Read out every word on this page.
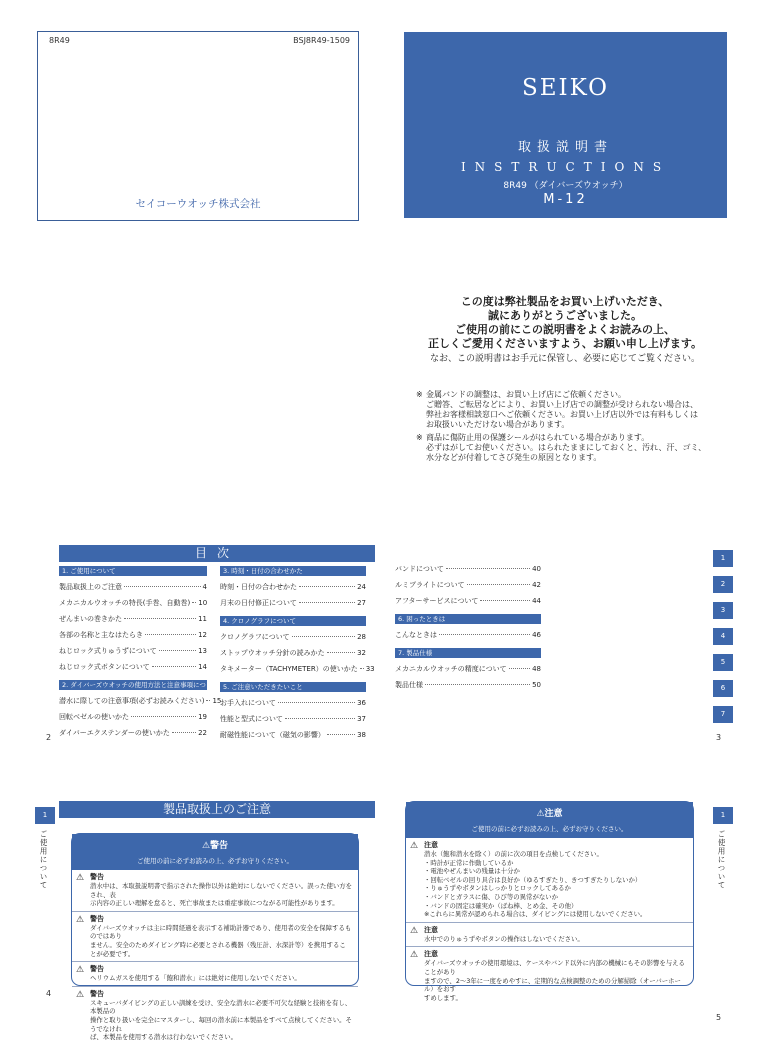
8R49	BSJ8R49-1509
セイコーウオッチ株式会社
SEIKO
取扱説明書
INSTRUCTIONS
8R49 （ダイバーズウオッチ）
M-12
この度は弊社製品をお買い上げいただき、
誠にありがとうございました。
ご使用の前にこの説明書をよくお読みの上、
正しくご愛用くださいますよう、お願い申し上げます。
なお、この説明書はお手元に保管し、必要に応じてご覧ください。
※ 金属バンドの調整は、お買い上げ店にご依頼ください。
ご贈答、ご転居などにより、お買い上げ店での調整が受けられない場合は、
弊社お客様相談窓口へご依頼ください。お買い上げ店以外では有料もしくは
お取扱いいただけない場合があります。
※ 商品に傷防止用の保護シールがはられている場合があります。
必ずはがしてお使いください。はられたままにしておくと、汚れ、汗、ゴミ、
水分などが付着してさび発生の原因となります。
目次
1. ご使用について
製品取扱上のご注意	4
メカニカルウオッチの特長(手巻、自動巻) 10
ぜんまいの巻きかた	11
各部の名称と主なはたらき	12
ねじロック式りゅうずについて	13
ねじロック式ボタンについて	14
2. ダイバーズウオッチの使用方法と注意事項について
潜水に際しての注意事項(必ずお読みください) 15
回転ベゼルの使いかた	19
ダイバーエクステンダーの使いかた	22
3. 時刻・日付の合わせかた
時刻・日付の合わせかた	24
月末の日付修正について	27
4. クロノグラフについて
クロノグラフについて	28
ストップウオッチ分針の読みかた	32
タキメーター（TACHYMETER）の使いかた 33
5. ご注意いただきたいこと
お手入れについて	36
性能と型式について	37
耐磁性能について（磁気の影響）	38
バンドについて	40
ルミブライトについて	42
アフターサービスについて	44
6. 困ったときは
こんなときは	46
7. 製品仕様
メカニカルウオッチの精度について	48
製品仕様	50
1
2
3
4
5
6
7
2	3
1
ご使用について
製品取扱上のご注意
⚠警告
ご使用の前に必ずお読みの上、必ずお守りください。
⚠ 警告
潜水中は、本取扱説明書で指示された操作以外は絶対にしないでください。誤った使い方をされ、表
示内容の正しい理解を怠ると、死亡事故または重症事故につながる可能性があります。
⚠ 警告
ダイバーズウオッチは主に時間経過を表示する補助計器であり、使用者の安全を保障するものではあり
ません。安全のためダイビング時に必要とされる機器（残圧計、水深計等）を携用することが必要です。
⚠ 警告
ヘリウムガスを使用する「飽和潜水」には絶対に使用しないでください。
⚠ 警告
スキューバダイビングの正しい訓練を受け、安全な潜水に必要不可欠な経験と技術を有し、本製品の
操作と取り扱いを完全にマスターし、毎回の潜水前に本製品をすべて点検してください。そうでなけれ
ば、本製品を使用する潜水は行わないでください。
4
1
ご使用について
⚠注意
ご使用の前に必ずお読みの上、必ずお守りください。
⚠ 注意
潜水（飽和潜水を除く）の前に次の項目を点検してください。
・時計が正常に作動しているか
・電池やぜんまいの残量は十分か
・回転ベゼルの回り具合は良好か（ゆるすぎたり、きつすぎたりしないか）
・りゅうずやボタンはしっかりとロックしてあるか
・バンドとガラスに傷、ひび等の異常がないか
・バンドの固定は確実か（ばね棒、とめ金、その他）
※これらに異常が認められる場合は、ダイビングには使用しないでください。
⚠ 注意
水中でのりゅうずやボタンの操作はしないでください。
⚠ 注意
ダイバーズウオッチの使用環境は、ケースやバンド以外に内部の機械にもその影響を与えることがあり
ますので、2〜3年に一度をめやすに、定期的な点検調整のための分解掃除（オーバーホール）をおす
すめします。
5
